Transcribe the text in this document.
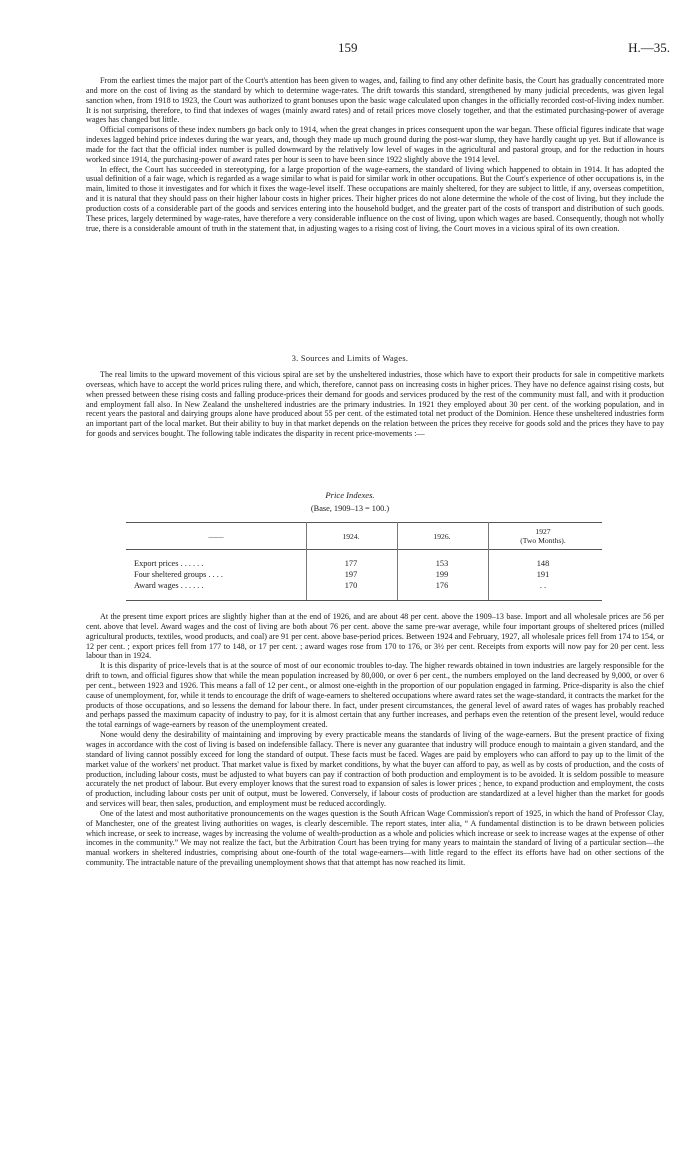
159	H.—35.

From the earliest times the major part of the Court's attention has been given to wages, and, failing to find any other definite basis, the Court has gradually concentrated more and more on the cost of living as the standard by which to determine wage-rates. The drift towards this standard, strengthened by many judicial precedents, was given legal sanction when, from 1918 to 1923, the Court was authorized to grant bonuses upon the basic wage calculated upon changes in the officially recorded cost-of-living index number. It is not surprising, therefore, to find that indexes of wages (mainly award rates) and of retail prices move closely together, and that the estimated purchasing-power of average wages has changed but little.

Official comparisons of these index numbers go back only to 1914, when the great changes in prices consequent upon the war began. These official figures indicate that wage indexes lagged behind price indexes during the war years, and, though they made up much ground during the post-war slump, they have hardly caught up yet. But if allowance is made for the fact that the official index number is pulled downward by the relatively low level of wages in the agricultural and pastoral group, and for the reduction in hours worked since 1914, the purchasing-power of award rates per hour is seen to have been since 1922 slightly above the 1914 level.

In effect, the Court has succeeded in stereotyping, for a large proportion of the wage-earners, the standard of living which happened to obtain in 1914. It has adopted the usual definition of a fair wage, which is regarded as a wage similar to what is paid for similar work in other occupations. But the Court's experience of other occupations is, in the main, limited to those it investigates and for which it fixes the wage-level itself. These occupations are mainly sheltered, for they are subject to little, if any, overseas competition, and it is natural that they should pass on their higher labour costs in higher prices. Their higher prices do not alone determine the whole of the cost of living, but they include the production costs of a considerable part of the goods and services entering into the household budget, and the greater part of the costs of transport and distribution of such goods. These prices, largely determined by wage-rates, have therefore a very considerable influence on the cost of living, upon which wages are based. Consequently, though not wholly true, there is a considerable amount of truth in the statement that, in adjusting wages to a rising cost of living, the Court moves in a vicious spiral of its own creation.

3. Sources and Limits of Wages.

The real limits to the upward movement of this vicious spiral are set by the unsheltered industries, those which have to export their products for sale in competitive markets overseas, which have to accept the world prices ruling there, and which, therefore, cannot pass on increasing costs in higher prices. They have no defence against rising costs, but when pressed between these rising costs and falling produce-prices their demand for goods and services produced by the rest of the community must fall, and with it production and employment fall also. In New Zealand the unsheltered industries are the primary industries. In 1921 they employed about 30 per cent. of the working population, and in recent years the pastoral and dairying groups alone have produced about 55 per cent. of the estimated total net product of the Dominion. Hence these unsheltered industries form an important part of the local market. But their ability to buy in that market depends on the relation between the prices they receive for goods sold and the prices they have to pay for goods and services bought. The following table indicates the disparity in recent price-movements :—

Price Indexes.
(Base, 1909–13 = 100.)
——	1924.	1926.
1927
(Two Months).
Export prices . . . . . .	177	153	148
Four sheltered groups . . . .	197	199	191
Award wages . . . . . .	170	176	. .

At the present time export prices are slightly higher than at the end of 1926, and are about 48 per cent. above the 1909–13 base. Import and all wholesale prices are 56 per cent. above that level. Award wages and the cost of living are both about 76 per cent. above the same pre-war average, while four important groups of sheltered prices (milled agricultural products, textiles, wood products, and coal) are 91 per cent. above base-period prices. Between 1924 and February, 1927, all wholesale prices fell from 174 to 154, or 12 per cent. ; export prices fell from 177 to 148, or 17 per cent. ; award wages rose from 170 to 176, or 3½ per cent. Receipts from exports will now pay for 20 per cent. less labour than in 1924.

It is this disparity of price-levels that is at the source of most of our economic troubles to-day. The higher rewards obtained in town industries are largely responsible for the drift to town, and official figures show that while the mean population increased by 80,000, or over 6 per cent., the numbers employed on the land decreased by 9,000, or over 6 per cent., between 1923 and 1926. This means a fall of 12 per cent., or almost one-eighth in the proportion of our population engaged in farming. Price-disparity is also the chief cause of unemployment, for, while it tends to encourage the drift of wage-earners to sheltered occupations where award rates set the wage-standard, it contracts the market for the products of those occupations, and so lessens the demand for labour there. In fact, under present circumstances, the general level of award rates of wages has probably reached and perhaps passed the maximum capacity of industry to pay, for it is almost certain that any further increases, and perhaps even the retention of the present level, would reduce the total earnings of wage-earners by reason of the unemployment created.

None would deny the desirability of maintaining and improving by every practicable means the standards of living of the wage-earners. But the present practice of fixing wages in accordance with the cost of living is based on indefensible fallacy. There is never any guarantee that industry will produce enough to maintain a given standard, and the standard of living cannot possibly exceed for long the standard of output. These facts must be faced. Wages are paid by employers who can afford to pay up to the limit of the market value of the workers' net product. That market value is fixed by market conditions, by what the buyer can afford to pay, as well as by costs of production, and the costs of production, including labour costs, must be adjusted to what buyers can pay if contraction of both production and employment is to be avoided. It is seldom possible to measure accurately the net product of labour. But every employer knows that the surest road to expansion of sales is lower prices ; hence, to expand production and employment, the costs of production, including labour costs per unit of output, must be lowered. Conversely, if labour costs of production are standardized at a level higher than the market for goods and services will bear, then sales, production, and employment must be reduced accordingly.

One of the latest and most authoritative pronouncements on the wages question is the South African Wage Commission's report of 1925, in which the hand of Professor Clay, of Manchester, one of the greatest living authorities on wages, is clearly descernible. The report states, inter alia, “ A fundamental distinction is to be drawn between policies which increase, or seek to increase, wages by increasing the volume of wealth-production as a whole and policies which increase or seek to increase wages at the expense of other incomes in the community.” We may not realize the fact, but the Arbitration Court has been trying for many years to maintain the standard of living of a particular section—the manual workers in sheltered industries, comprising about one-fourth of the total wage-earners—with little regard to the effect its efforts have had on other sections of the community. The intractable nature of the prevailing unemployment shows that that attempt has now reached its limit.
